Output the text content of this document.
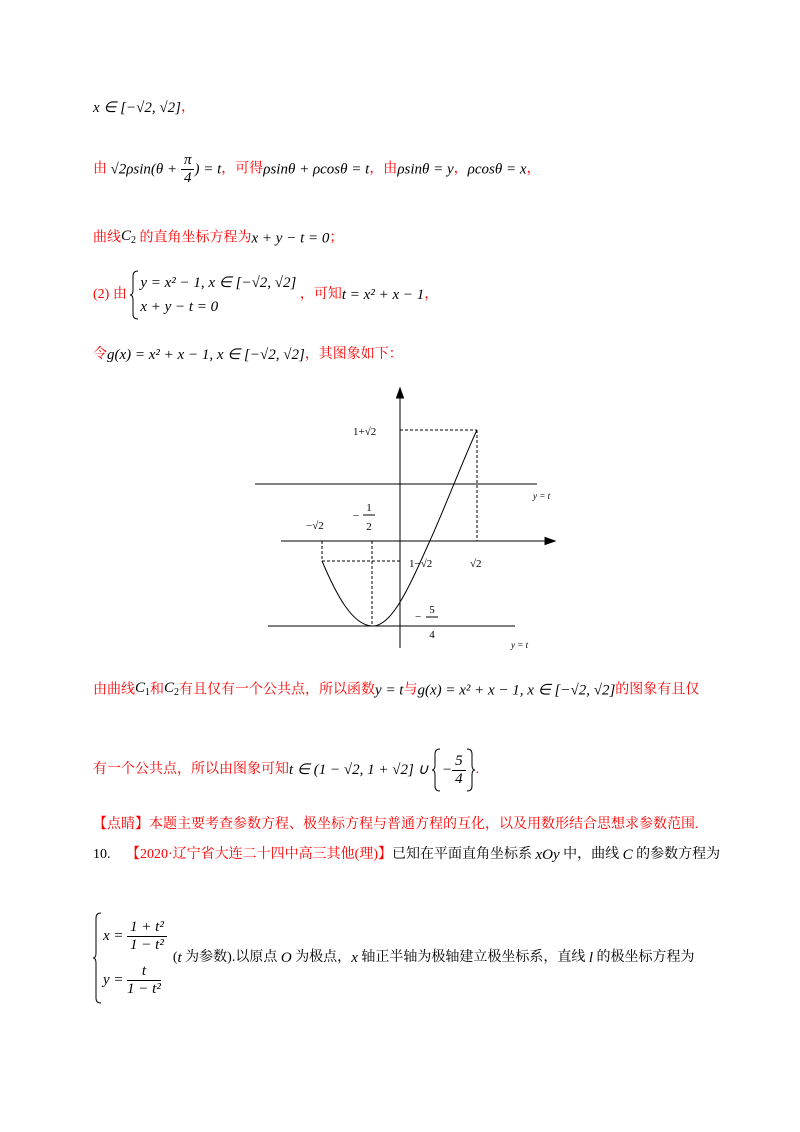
x ∈ [−√2, √2]，
由 $√2\rho\sin(\theta + \frac{\pi}{4}$ ) = t，可得ρsinθ + ρcosθ = t，由ρsinθ = y，ρcosθ = x，
曲线$C_2$ 的直角坐标方程为x + y − t = 0；
(2) 由
y = x² − 1, x ∈ [−√2, √2]
x + y − t = 0
，可知t = x² + x − 1，
令g(x) = x² + x − 1, x ∈ [−√2, √2]，其图象如下：
1+√2
−
1
2
−√2
1−√2	√2
−
5
4
y = t
y = t
由曲线$C_1$和$C_2$有且仅有一个公共点，所以函数y = t与g(x) = x² + x − 1, x ∈ [−√2, √2]的图象有且仅
有一个公共点，所以由图象可知t ∈ (1 − √2, 1 + √2] ∪ − $\frac{5}{4}$ .
【点睛】本题主要考查参数方程、极坐标方程与普通方程的互化，以及用数形结合思想求参数范围.
10. 【2020·辽宁省大连二十四中高三其他(理)】已知在平面直角坐标系 xOy 中，曲线 C 的参数方程为
$x = \frac{\text{1 + t²}}{\text{1 − t²}}$
$y = \frac{t}{\text{1 − t²}}$
(t 为参数).以原点 O 为极点，x 轴正半轴为极轴建立极坐标系，直线 l 的极坐标方程为
